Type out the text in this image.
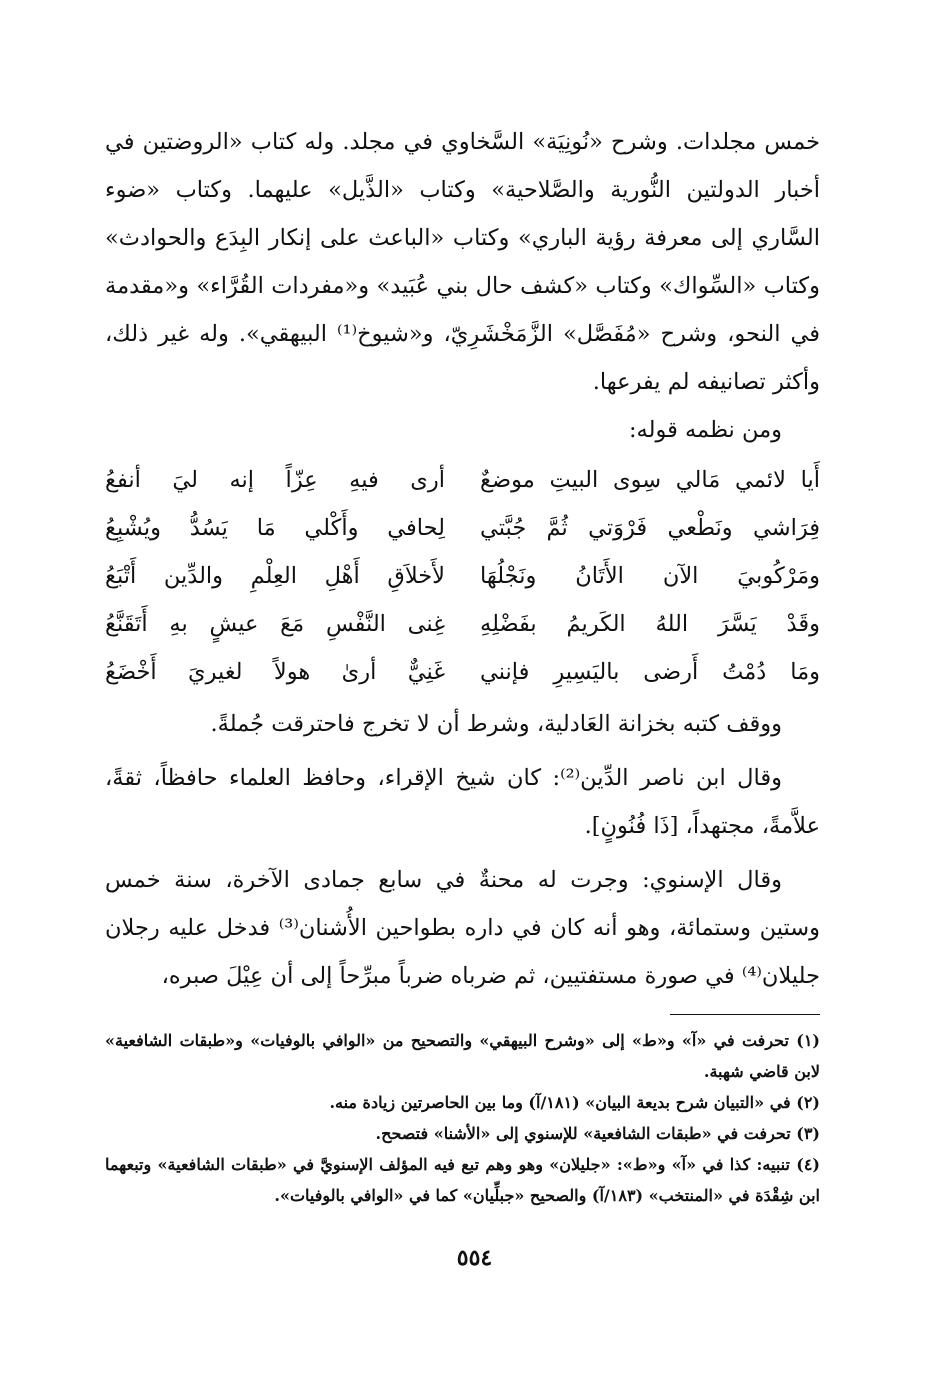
خمس مجلدات. وشرح «نُونِيَة» السَّخاوي في مجلد. وله كتاب «الروضتين في أخبار الدولتين النُّورية والصَّلاحية» وكتاب «الذَّيل» عليهما. وكتاب «ضوء السَّاري إلى معرفة رؤية الباري» وكتاب «الباعث على إنكار البِدَع والحوادث» وكتاب «السِّواك» وكتاب «كشف حال بني عُبَيد» و«مفردات القُرَّاء» و«مقدمة في النحو، وشرح «مُفَصَّل» الزَّمَخْشَرِيّ، و«شيوخ⁽¹⁾ البيهقي». وله غير ذلك، وأكثر تصانيفه لم يفرعها.

ومن نظمه قوله:

أَيا لائمي مَالي سِوى البيتِ موضعٌ
أرى فيهِ عِزّاً إنه ليَ أنفعُ
فِرَاشي ونَطْعي فَرْوَتي ثُمَّ جُبَّتي
لِحافي وأَكْلي مَا يَسُدُّ ويُشْبِعُ
ومَرْكُوبيَ الآن الأَتَانُ ونَجْلُهَا
لأَخلاَقِ أَهْلِ العِلْمِ والدِّين أَتْبَعُ
وقَدْ يَسَّرَ اللهُ الكَريمُ بفَضْلِهِ
غِنى النَّفْسِ مَعَ عيشٍ بهِ أَتَقَنَّعُ
ومَا دُمْتُ أَرضى باليَسِيرِ فإنني
غَنِيٌّ أرىٰ هولاً لغيريَ أَخْضَعُ

ووقف كتبه بخزانة العَادلية، وشرط أن لا تخرج فاحترقت جُملةً.

وقال ابن ناصر الدِّين⁽²⁾: كان شيخ الإقراء، وحافظ العلماء حافظاً، ثقةً، علاَّمةً، مجتهداً، [ذَا فُنُونٍ].

وقال الإسنوي: وجرت له محنةٌ في سابع جمادى الآخرة، سنة خمس وستين وستمائة، وهو أنه كان في داره بطواحين الأُشنان⁽³⁾ فدخل عليه رجلان جليلان⁽⁴⁾ في صورة مستفتيين، ثم ضرباه ضرباً مبرِّحاً إلى أن عِيْلَ صبره،

(١) تحرفت في «آ» و«ط» إلى «وشرح البيهقي» والتصحيح من «الوافي بالوفيات» و«طبقات الشافعية» لابن قاضي شهبة.

(٢) في «التبيان شرح بديعة البيان» (١٨١/آ) وما بين الحاصرتين زيادة منه.

(٣) تحرفت في «طبقات الشافعية» للإسنوي إلى «الأشنا» فتصحح.

(٤) تنبيه: كذا في «آ» و«ط»: «جليلان» وهو وهم تبع فيه المؤلف الإسنويَّ في «طبقات الشافعية» وتبعهما ابن شِقْدَة في «المنتخب» (١٨٣/آ) والصحيح «جبلِّيان» كما في «الوافي بالوفيات».

٥٥٤
